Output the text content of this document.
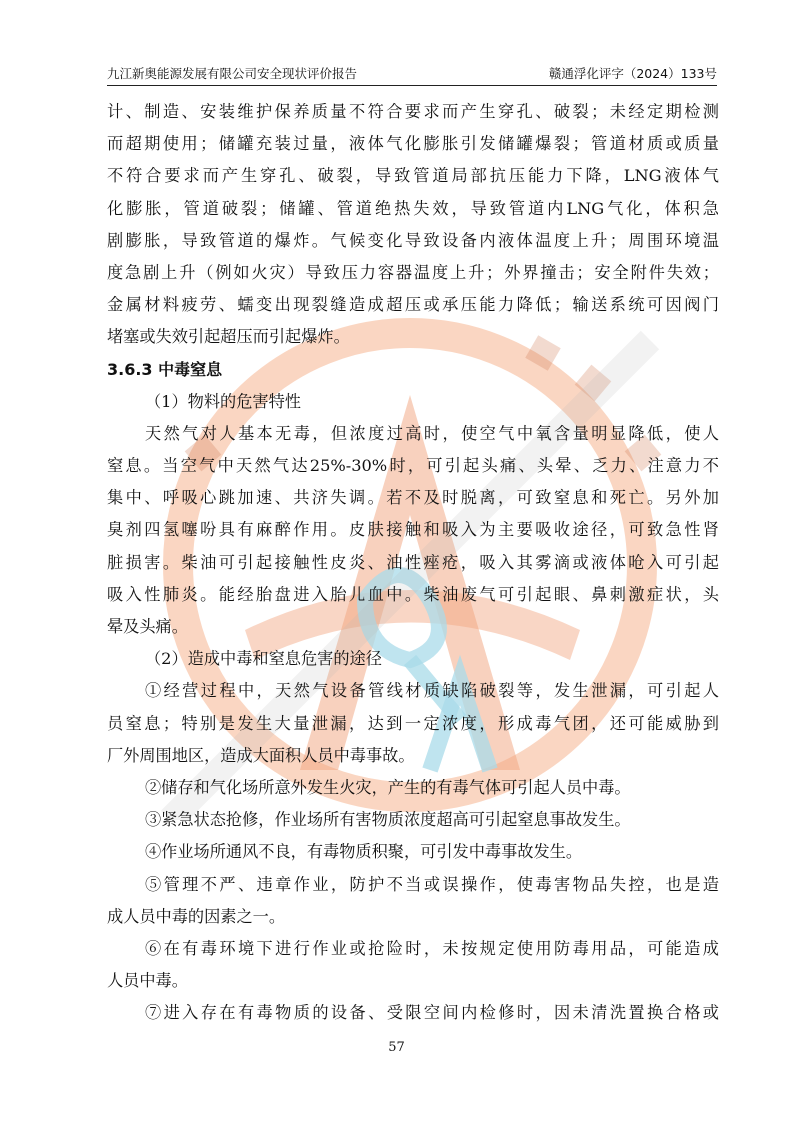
九江新奥能源发展有限公司安全现状评价报告	赣通浮化评字（2024）133号
计、制造、安装维护保养质量不符合要求而产生穿孔、破裂；未经定期检测
而超期使用；储罐充装过量，液体气化膨胀引发储罐爆裂；管道材质或质量
不符合要求而产生穿孔、破裂，导致管道局部抗压能力下降，LNG液体气
化膨胀，管道破裂；储罐、管道绝热失效，导致管道内LNG气化，体积急
剧膨胀，导致管道的爆炸。气候变化导致设备内液体温度上升；周围环境温
度急剧上升（例如火灾）导致压力容器温度上升；外界撞击；安全附件失效；
金属材料疲劳、蠕变出现裂缝造成超压或承压能力降低；输送系统可因阀门
堵塞或失效引起超压而引起爆炸。
3.6.3 中毒窒息
（1）物料的危害特性
天然气对人基本无毒，但浓度过高时，使空气中氧含量明显降低，使人
窒息。当空气中天然气达25%-30%时，可引起头痛、头晕、乏力、注意力不
集中、呼吸心跳加速、共济失调。若不及时脱离，可致窒息和死亡。另外加
臭剂四氢噻吩具有麻醉作用。皮肤接触和吸入为主要吸收途径，可致急性肾
脏损害。柴油可引起接触性皮炎、油性痤疮，吸入其雾滴或液体呛入可引起
吸入性肺炎。能经胎盘进入胎儿血中。柴油废气可引起眼、鼻刺激症状，头
晕及头痛。
（2）造成中毒和窒息危害的途径
①经营过程中，天然气设备管线材质缺陷破裂等，发生泄漏，可引起人
员窒息；特别是发生大量泄漏，达到一定浓度，形成毒气团，还可能威胁到
厂外周围地区，造成大面积人员中毒事故。
②储存和气化场所意外发生火灾，产生的有毒气体可引起人员中毒。
③紧急状态抢修，作业场所有害物质浓度超高可引起窒息事故发生。
④作业场所通风不良，有毒物质积聚，可引发中毒事故发生。
⑤管理不严、违章作业，防护不当或误操作，使毒害物品失控，也是造
成人员中毒的因素之一。
⑥在有毒环境下进行作业或抢险时，未按规定使用防毒用品，可能造成
人员中毒。
⑦进入存在有毒物质的设备、受限空间内检修时，因未清洗置换合格或
57
